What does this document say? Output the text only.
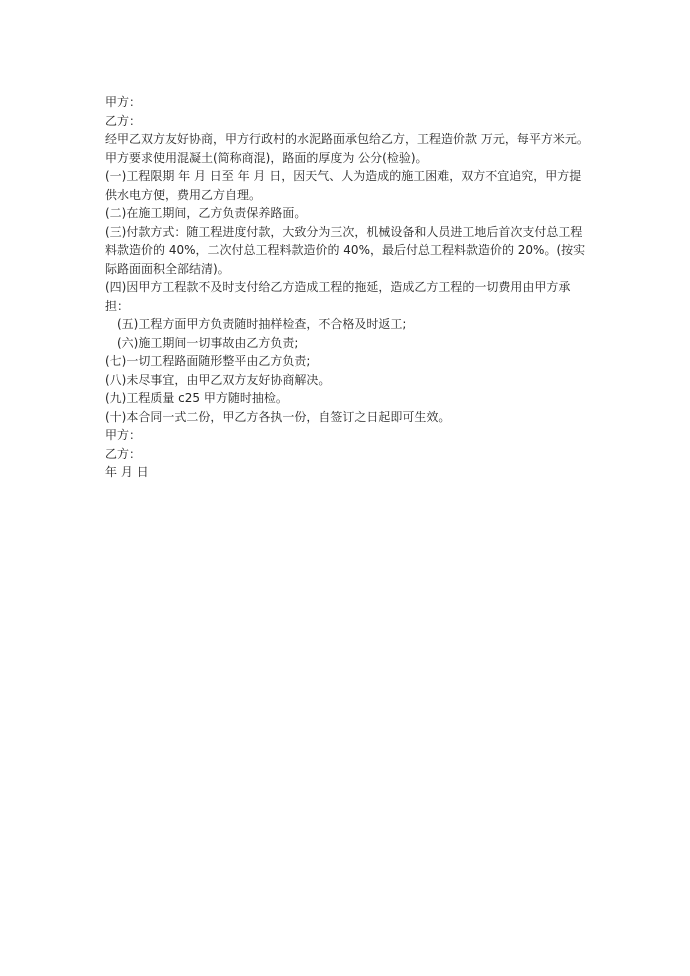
甲方：
乙方：
经甲乙双方友好协商，甲方行政村的水泥路面承包给乙方，工程造价款 万元，每平方米元。甲方要求使用混凝土(简称商混)，路面的厚度为 公分(检验)。
(一)工程限期 年 月 日至 年 月 日，因天气、人为造成的施工困难，双方不宜追究，甲方提供水电方便，费用乙方自理。
(二)在施工期间，乙方负责保养路面。
(三)付款方式：随工程进度付款，大致分为三次，机械设备和人员进工地后首次支付总工程料款造价的 40%，二次付总工程料款造价的 40%，最后付总工程料款造价的 20%。(按实际路面面积全部结清)。
(四)因甲方工程款不及时支付给乙方造成工程的拖延，造成乙方工程的一切费用由甲方承担：
(五)工程方面甲方负责随时抽样检查，不合格及时返工;
(六)施工期间一切事故由乙方负责;
(七)一切工程路面随形整平由乙方负责;
(八)未尽事宜，由甲乙双方友好协商解决。
(九)工程质量 c25 甲方随时抽检。
(十)本合同一式二份，甲乙方各执一份，自签订之日起即可生效。
甲方：
乙方：
年 月 日
